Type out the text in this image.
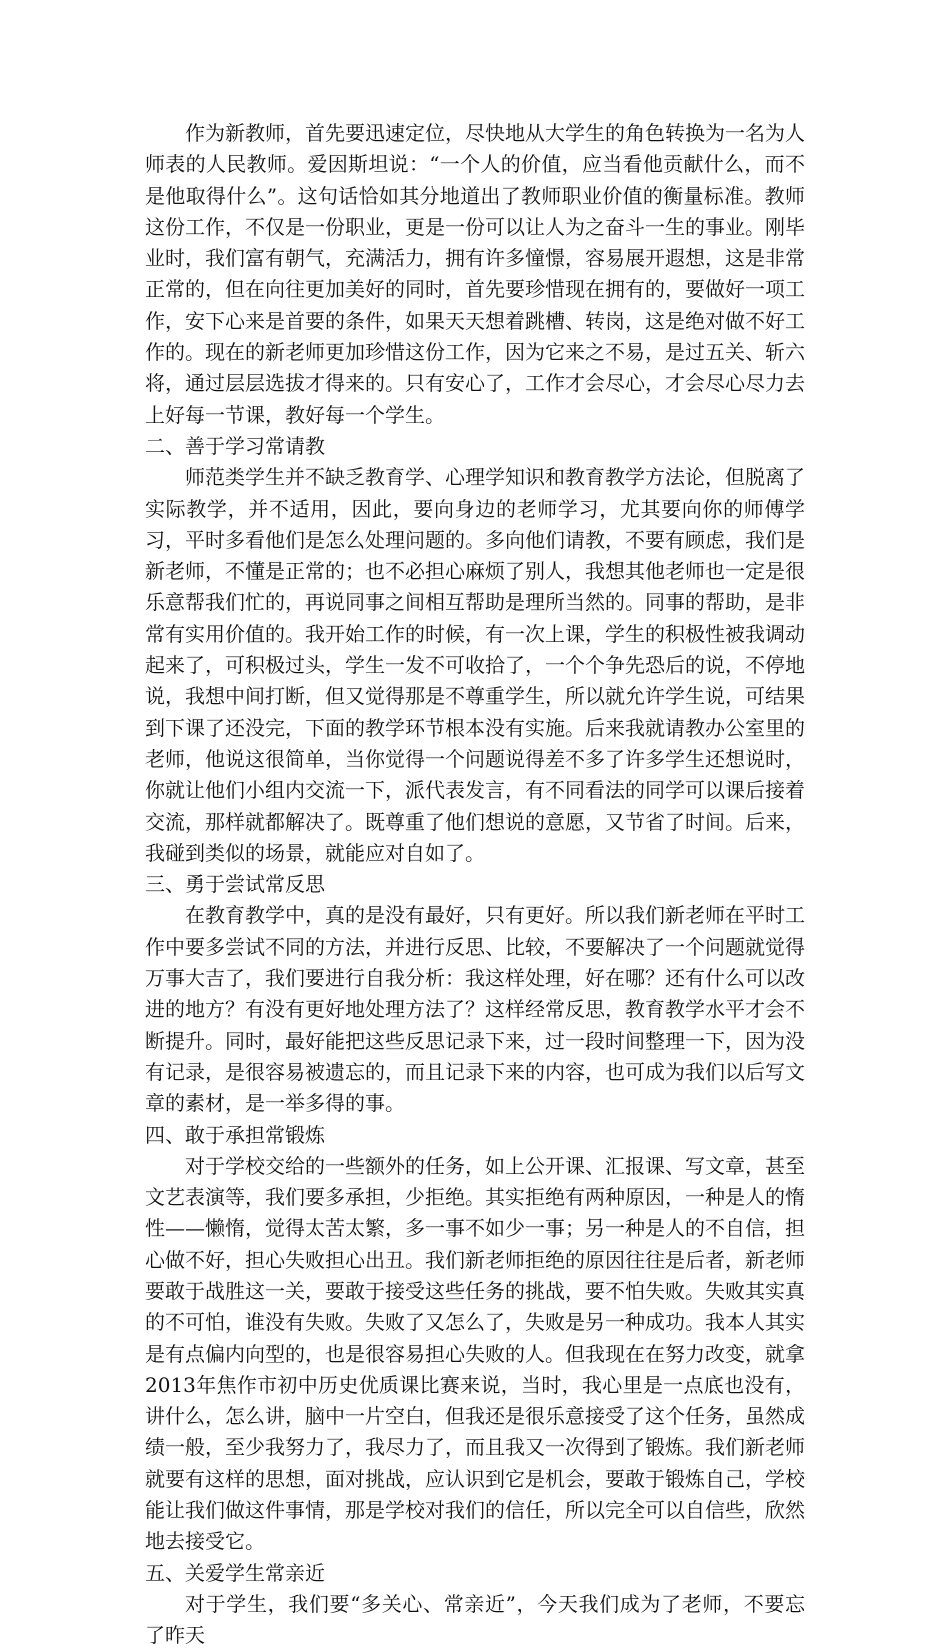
作为新教师，首先要迅速定位，尽快地从大学生的角色转换为一名为人师表的人民教师。爱因斯坦说：“一个人的价值，应当看他贡献什么，而不是他取得什么”。这句话恰如其分地道出了教师职业价值的衡量标准。教师这份工作，不仅是一份职业，更是一份可以让人为之奋斗一生的事业。刚毕业时，我们富有朝气，充满活力，拥有许多憧憬，容易展开遐想，这是非常正常的，但在向往更加美好的同时，首先要珍惜现在拥有的，要做好一项工作，安下心来是首要的条件，如果天天想着跳槽、转岗，这是绝对做不好工作的。现在的新老师更加珍惜这份工作，因为它来之不易，是过五关、斩六将，通过层层选拔才得来的。只有安心了，工作才会尽心，才会尽心尽力去上好每一节课，教好每一个学生。

二、善于学习常请教

师范类学生并不缺乏教育学、心理学知识和教育教学方法论，但脱离了实际教学，并不适用，因此，要向身边的老师学习，尤其要向你的师傅学习，平时多看他们是怎么处理问题的。多向他们请教，不要有顾虑，我们是新老师，不懂是正常的；也不必担心麻烦了别人，我想其他老师也一定是很乐意帮我们忙的，再说同事之间相互帮助是理所当然的。同事的帮助，是非常有实用价值的。我开始工作的时候，有一次上课，学生的积极性被我调动起来了，可积极过头，学生一发不可收拾了，一个个争先恐后的说，不停地说，我想中间打断，但又觉得那是不尊重学生，所以就允许学生说，可结果到下课了还没完，下面的教学环节根本没有实施。后来我就请教办公室里的老师，他说这很简单，当你觉得一个问题说得差不多了许多学生还想说时，你就让他们小组内交流一下，派代表发言，有不同看法的同学可以课后接着交流，那样就都解决了。既尊重了他们想说的意愿，又节省了时间。后来，我碰到类似的场景，就能应对自如了。

三、勇于尝试常反思

在教育教学中，真的是没有最好，只有更好。所以我们新老师在平时工作中要多尝试不同的方法，并进行反思、比较，不要解决了一个问题就觉得万事大吉了，我们要进行自我分析：我这样处理，好在哪？还有什么可以改进的地方？有没有更好地处理方法了？这样经常反思，教育教学水平才会不断提升。同时，最好能把这些反思记录下来，过一段时间整理一下，因为没有记录，是很容易被遗忘的，而且记录下来的内容，也可成为我们以后写文章的素材，是一举多得的事。

四、敢于承担常锻炼

对于学校交给的一些额外的任务，如上公开课、汇报课、写文章，甚至文艺表演等，我们要多承担，少拒绝。其实拒绝有两种原因，一种是人的惰性——懒惰，觉得太苦太繁，多一事不如少一事；另一种是人的不自信，担心做不好，担心失败担心出丑。我们新老师拒绝的原因往往是后者，新老师要敢于战胜这一关，要敢于接受这些任务的挑战，要不怕失败。失败其实真的不可怕，谁没有失败。失败了又怎么了，失败是另一种成功。我本人其实是有点偏内向型的，也是很容易担心失败的人。但我现在在努力改变，就拿2013年焦作市初中历史优质课比赛来说，当时，我心里是一点底也没有，讲什么，怎么讲，脑中一片空白，但我还是很乐意接受了这个任务，虽然成绩一般，至少我努力了，我尽力了，而且我又一次得到了锻炼。我们新老师就要有这样的思想，面对挑战，应认识到它是机会，要敢于锻炼自己，学校能让我们做这件事情，那是学校对我们的信任，所以完全可以自信些，欣然地去接受它。

五、关爱学生常亲近

对于学生，我们要“多关心、常亲近”，今天我们成为了老师，不要忘了昨天
